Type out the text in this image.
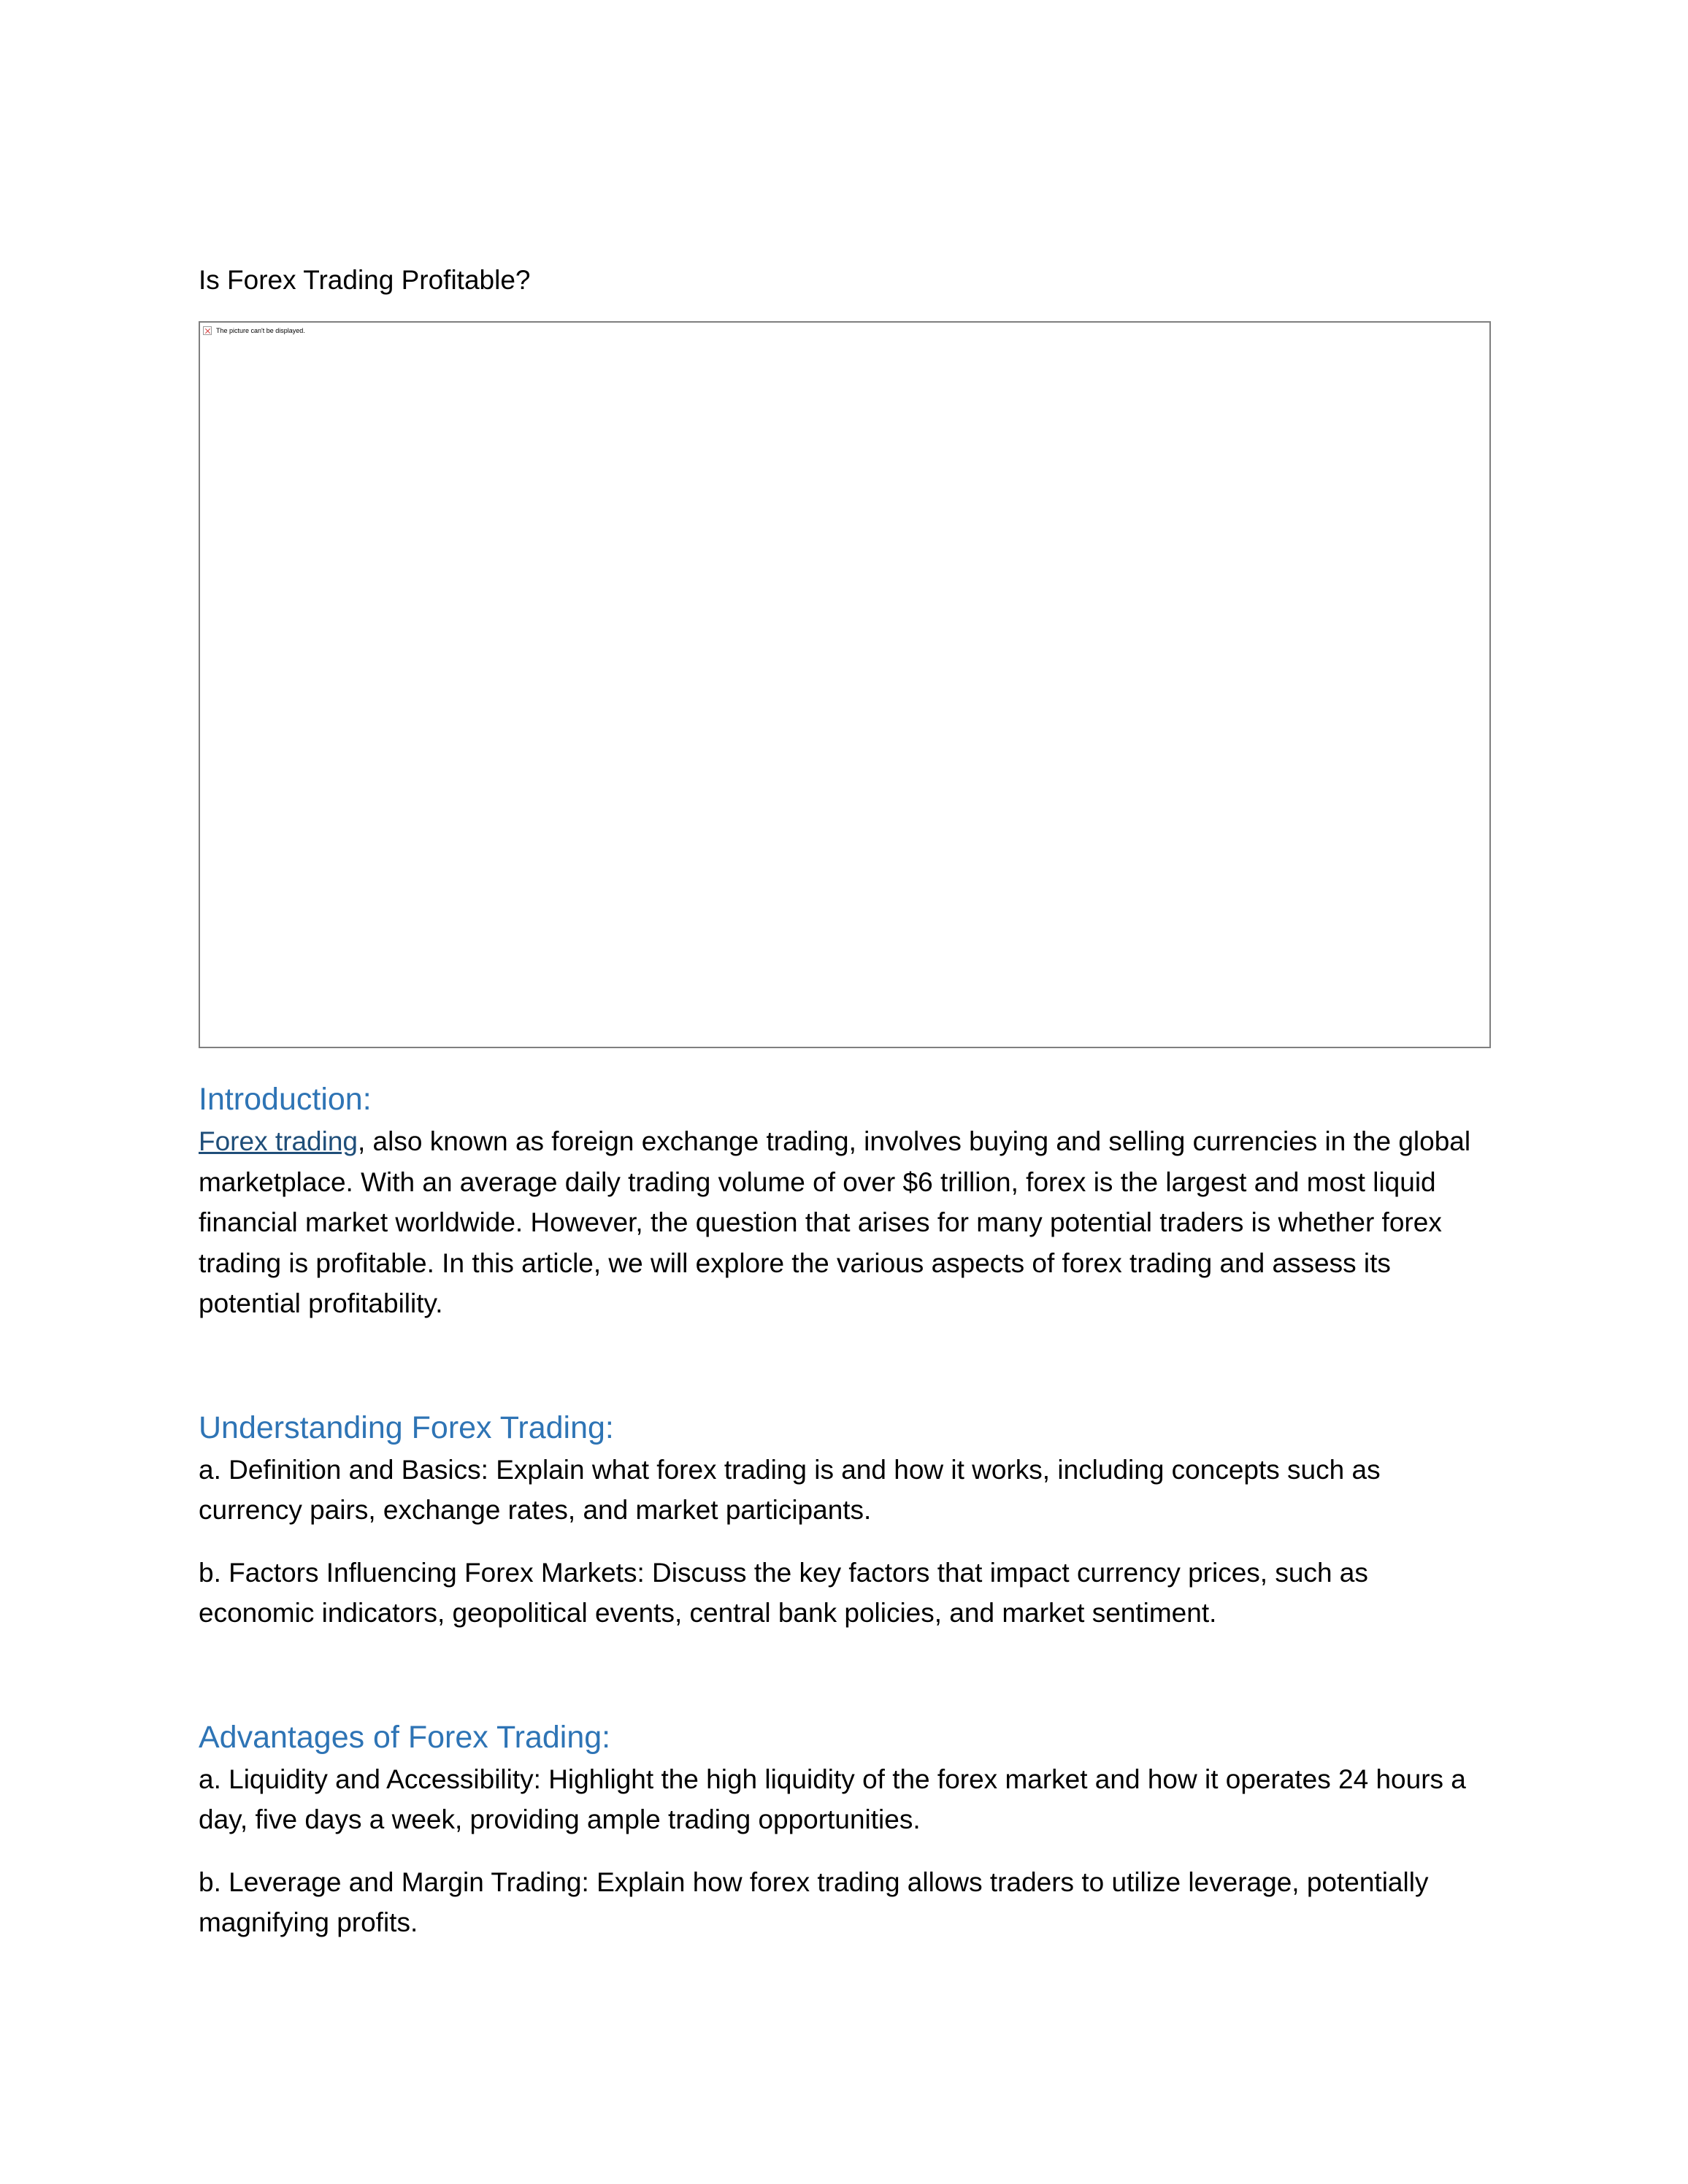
Is Forex Trading Profitable?
The picture can't be displayed.
Introduction:

Forex trading, also known as foreign exchange trading, involves buying and selling currencies in the global marketplace. With an average daily trading volume of over $6 trillion, forex is the largest and most liquid financial market worldwide. However, the question that arises for many potential traders is whether forex trading is profitable. In this article, we will explore the various aspects of forex trading and assess its potential profitability.

Understanding Forex Trading:

a. Definition and Basics: Explain what forex trading is and how it works, including concepts such as currency pairs, exchange rates, and market participants.

b. Factors Influencing Forex Markets: Discuss the key factors that impact currency prices, such as economic indicators, geopolitical events, central bank policies, and market sentiment.

Advantages of Forex Trading:

a. Liquidity and Accessibility: Highlight the high liquidity of the forex market and how it operates 24 hours a day, five days a week, providing ample trading opportunities.

b. Leverage and Margin Trading: Explain how forex trading allows traders to utilize leverage, potentially magnifying profits.
